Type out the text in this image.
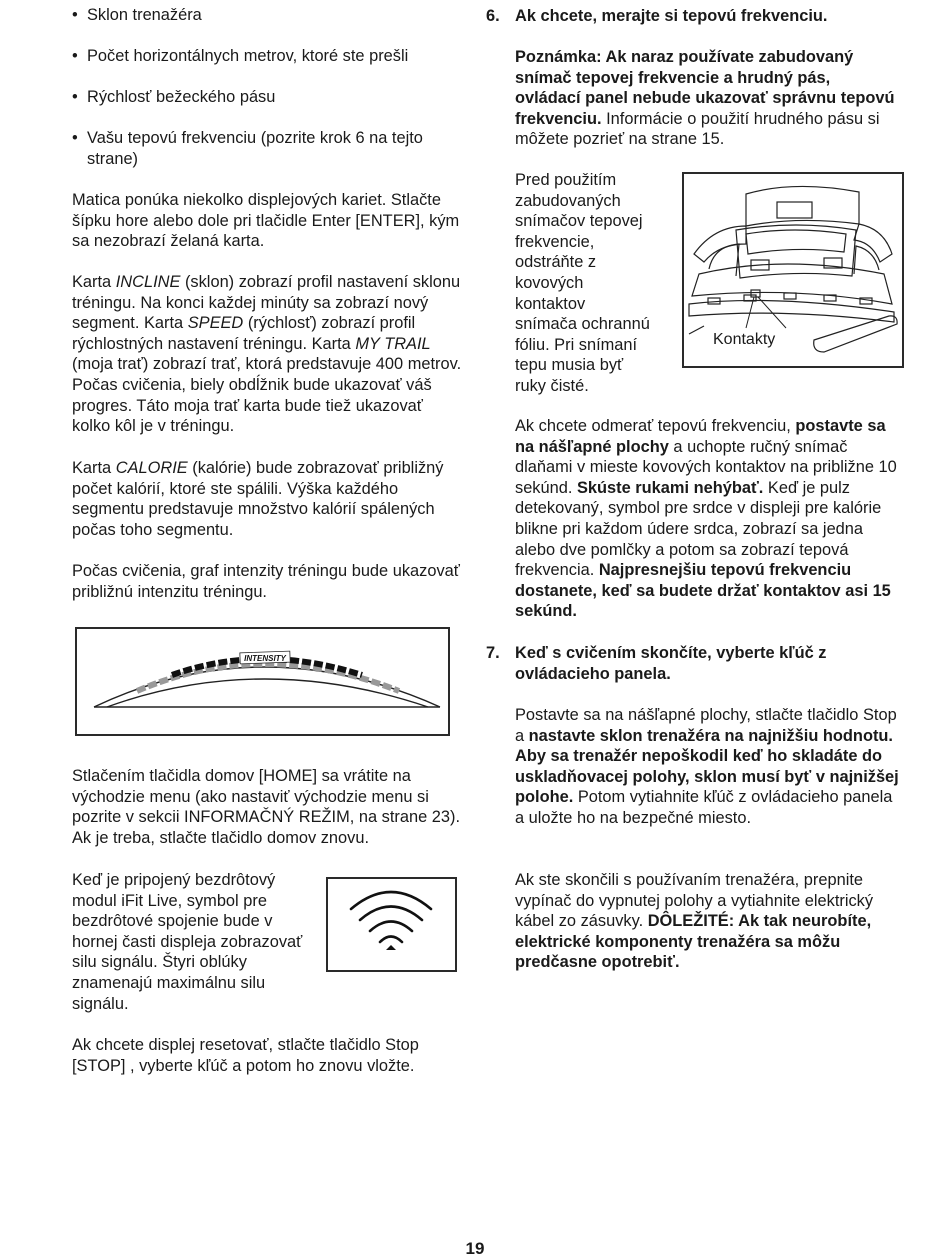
• Sklon trenažéra
• Počet horizontálnych metrov, ktoré ste prešli
• Rýchlosť bežeckého pásu
• Vašu tepovú frekvenciu (pozrite krok 6 na tejto strane)

Matica ponúka niekolko displejových kariet. Stlačte šípku hore alebo dole pri tlačidle Enter [ENTER], kým sa nezobrazí želaná karta.

Karta INCLINE (sklon) zobrazí profil nastavení sklonu tréningu. Na konci každej minúty sa zobrazí nový segment. Karta SPEED (rýchlosť) zobrazí profil rýchlostných nastavení tréningu. Karta MY TRAIL (moja trať) zobrazí trať, ktorá predstavuje 400 metrov. Počas cvičenia, biely obdĺžnik bude ukazovať váš progres. Táto moja trať karta bude tiež ukazovať kolko kôl je v tréningu.

Karta CALORIE (kalórie) bude zobrazovať približný počet kalórií, ktoré ste spálili. Výška každého segmentu predstavuje množstvo kalórií spálených počas toho segmentu.

Počas cvičenia, graf intenzity tréningu bude ukazovať približnú intenzitu tréningu.

INTENSITY

Stlačením tlačidla domov [HOME] sa vrátite na východzie menu (ako nastaviť východzie menu si pozrite v sekcii INFORMAČNÝ REŽIM, na strane 23). Ak je treba, stlačte tlačidlo domov znovu.

Keď je pripojený bezdrôtový modul iFit Live, symbol pre bezdrôtové spojenie bude v hornej časti displeja zobrazovať silu signálu. Štyri oblúky znamenajú maximálnu silu signálu.

Ak chcete displej resetovať, stlačte tlačidlo Stop [STOP] , vyberte kľúč a potom ho znovu vložte.

6. Ak chcete, merajte si tepovú frekvenciu.

Poznámka: Ak naraz používate zabudovaný snímač tepovej frekvencie a hrudný pás, ovládací panel nebude ukazovať správnu tepovú frekvenciu. Informácie o použití hrudného pásu si môžete pozrieť na strane 15.

Pred použitím zabudovaných snímačov tepovej frekvencie, odstráňte z kovových kontaktov snímača ochrannú fóliu. Pri snímaní tepu musia byť ruky čisté.

Kontakty

Ak chcete odmerať tepovú frekvenciu, postavte sa na nášľapné plochy a uchopte ručný snímač dlaňami v mieste kovových kontaktov na približne 10 sekúnd. Skúste rukami nehýbať. Keď je pulz detekovaný, symbol pre srdce v displeji pre kalórie blikne pri každom údere srdca, zobrazí sa jedna alebo dve pomlčky a potom sa zobrazí tepová frekvencia. Najpresnejšiu tepovú frekvenciu dostanete, keď sa budete držať kontaktov asi 15 sekúnd.

7. Keď s cvičením skončíte, vyberte kľúč z ovládacieho panela.

Postavte sa na nášľapné plochy, stlačte tlačidlo Stop a nastavte sklon trenažéra na najnižšiu hodnotu. Aby sa trenažér nepoškodil keď ho skladáte do uskladňovacej polohy, sklon musí byť v najnižšej polohe. Potom vytiahnite kľúč z ovládacieho panela a uložte ho na bezpečné miesto.

Ak ste skončili s používaním trenažéra, prepnite vypínač do vypnutej polohy a vytiahnite elektrický kábel zo zásuvky. DÔLEŽITÉ: Ak tak neurobíte, elektrické komponenty trenažéra sa môžu predčasne opotrebiť.

19
